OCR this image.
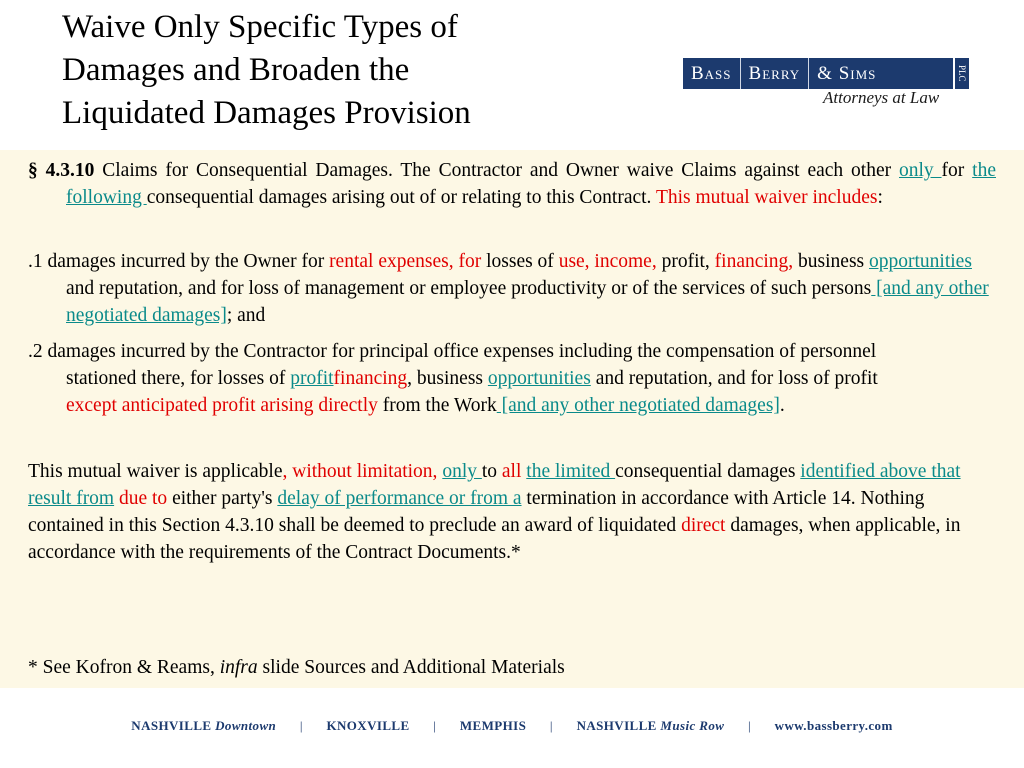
Waive Only Specific Types of
Damages and Broaden the
Liquidated Damages Provision
Bass Berry & Sims	PLC
Attorneys at Law
§ 4.3.10 Claims for Consequential Damages. The Contractor and Owner waive Claims against each other only for the following consequential damages arising out of or relating to this Contract. This mutual waiver includes:
.1 damages incurred by the Owner for rental expenses, for losses of use, income, profit, financing, business opportunities and reputation, and for loss of management or employee productivity or of the services of such persons [and any other negotiated damages]; and
.2 damages incurred by the Contractor for principal office expenses including the compensation of personnel stationed there, for losses of profitfinancing, business opportunities and reputation, and for loss of profit except anticipated profit arising directly from the Work [and any other negotiated damages].
This mutual waiver is applicable, without limitation, only to all the limited consequential damages identified above that result from due to either party's delay of performance or from a termination in accordance with Article 14. Nothing contained in this Section 4.3.10 shall be deemed to preclude an award of liquidated direct damages, when applicable, in accordance with the requirements of the Contract Documents.*
* See Kofron & Reams, infra slide Sources and Additional Materials
NASHVILLE Downtown | KNOXVILLE | MEMPHIS | NASHVILLE Music Row | www.bassberry.com
